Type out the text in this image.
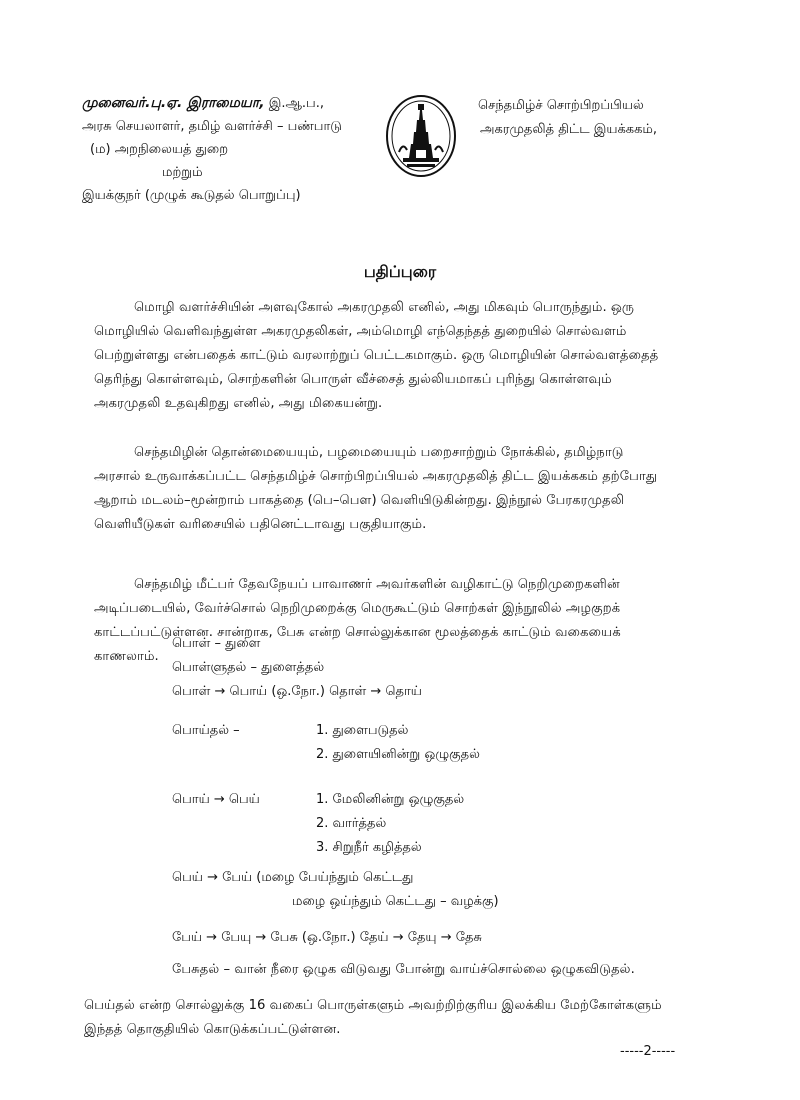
முனைவர்.பு.ஏ. இராமையா, இ.ஆ.ப.,
அரசு செயலாளர், தமிழ் வளர்ச்சி – பண்பாடு
(ம) அறநிலையத் துறை
மற்றும்
இயக்குநர் (முழுக் கூடுதல் பொறுப்பு)
செந்தமிழ்ச் சொற்பிறப்பியல்
அகரமுதலித் திட்ட இயக்ககம்,
பதிப்புரை
மொழி வளர்ச்சியின் அளவுகோல் அகரமுதலி எனில், அது மிகவும் பொருந்தும். ஒரு
மொழியில் வெளிவந்துள்ள அகரமுதலிகள், அம்மொழி எந்தெந்தத் துறையில் சொல்வளம்
பெற்றுள்ளது என்பதைக் காட்டும் வரலாற்றுப் பெட்டகமாகும். ஒரு மொழியின் சொல்வளத்தைத்
தெரிந்து கொள்ளவும், சொற்களின் பொருள் வீச்சைத் துல்லியமாகப் புரிந்து கொள்ளவும்
அகரமுதலி உதவுகிறது எனில், அது மிகையன்று.
செந்தமிழின் தொன்மையையும், பழமையையும் பறைசாற்றும் நோக்கில், தமிழ்நாடு
அரசால் உருவாக்கப்பட்ட செந்தமிழ்ச் சொற்பிறப்பியல் அகரமுதலித் திட்ட இயக்ககம் தற்போது
ஆறாம் மடலம்–மூன்றாம் பாகத்தை (பெ–பௌ) வெளியிடுகின்றது. இந்நூல் பேரகரமுதலி
வெளியீடுகள் வரிசையில் பதினெட்டாவது பகுதியாகும்.
செந்தமிழ் மீட்பர் தேவநேயப் பாவாணர் அவர்களின் வழிகாட்டு நெறிமுறைகளின்
அடிப்படையில், வேர்ச்சொல் நெறிமுறைக்கு மெருகூட்டும் சொற்கள் இந்நூலில் அழகுறக்
காட்டப்பட்டுள்ளன. சான்றாக, பேசு என்ற சொல்லுக்கான மூலத்தைக் காட்டும் வகையைக்
காணலாம்.
பொள் – துளை
பொள்ளுதல் – துளைத்தல்
பொள் → பொய் (ஒ.நோ.) தொள் → தொய்
பொய்தல் –	1. துளைபடுதல்
2. துளையினின்று ஒழுகுதல்
பொய் → பெய்	1. மேலினின்று ஒழுகுதல்
2. வார்த்தல்
3. சிறுநீர் கழித்தல்
பெய் → பேய் (மழை பேய்ந்தும் கெட்டது
மழை ஒய்ந்தும் கெட்டது – வழக்கு)
பேய் → பேயு → பேசு (ஒ.நோ.) தேய் → தேயு → தேசு
பேசுதல் – வான் நீரை ஒழுக விடுவது போன்று வாய்ச்சொல்லை ஒழுகவிடுதல்.
பெய்தல் என்ற சொல்லுக்கு 16 வகைப் பொருள்களும் அவற்றிற்குரிய இலக்கிய மேற்கோள்களும்
இந்தத் தொகுதியில் கொடுக்கப்பட்டுள்ளன.
-----2-----
